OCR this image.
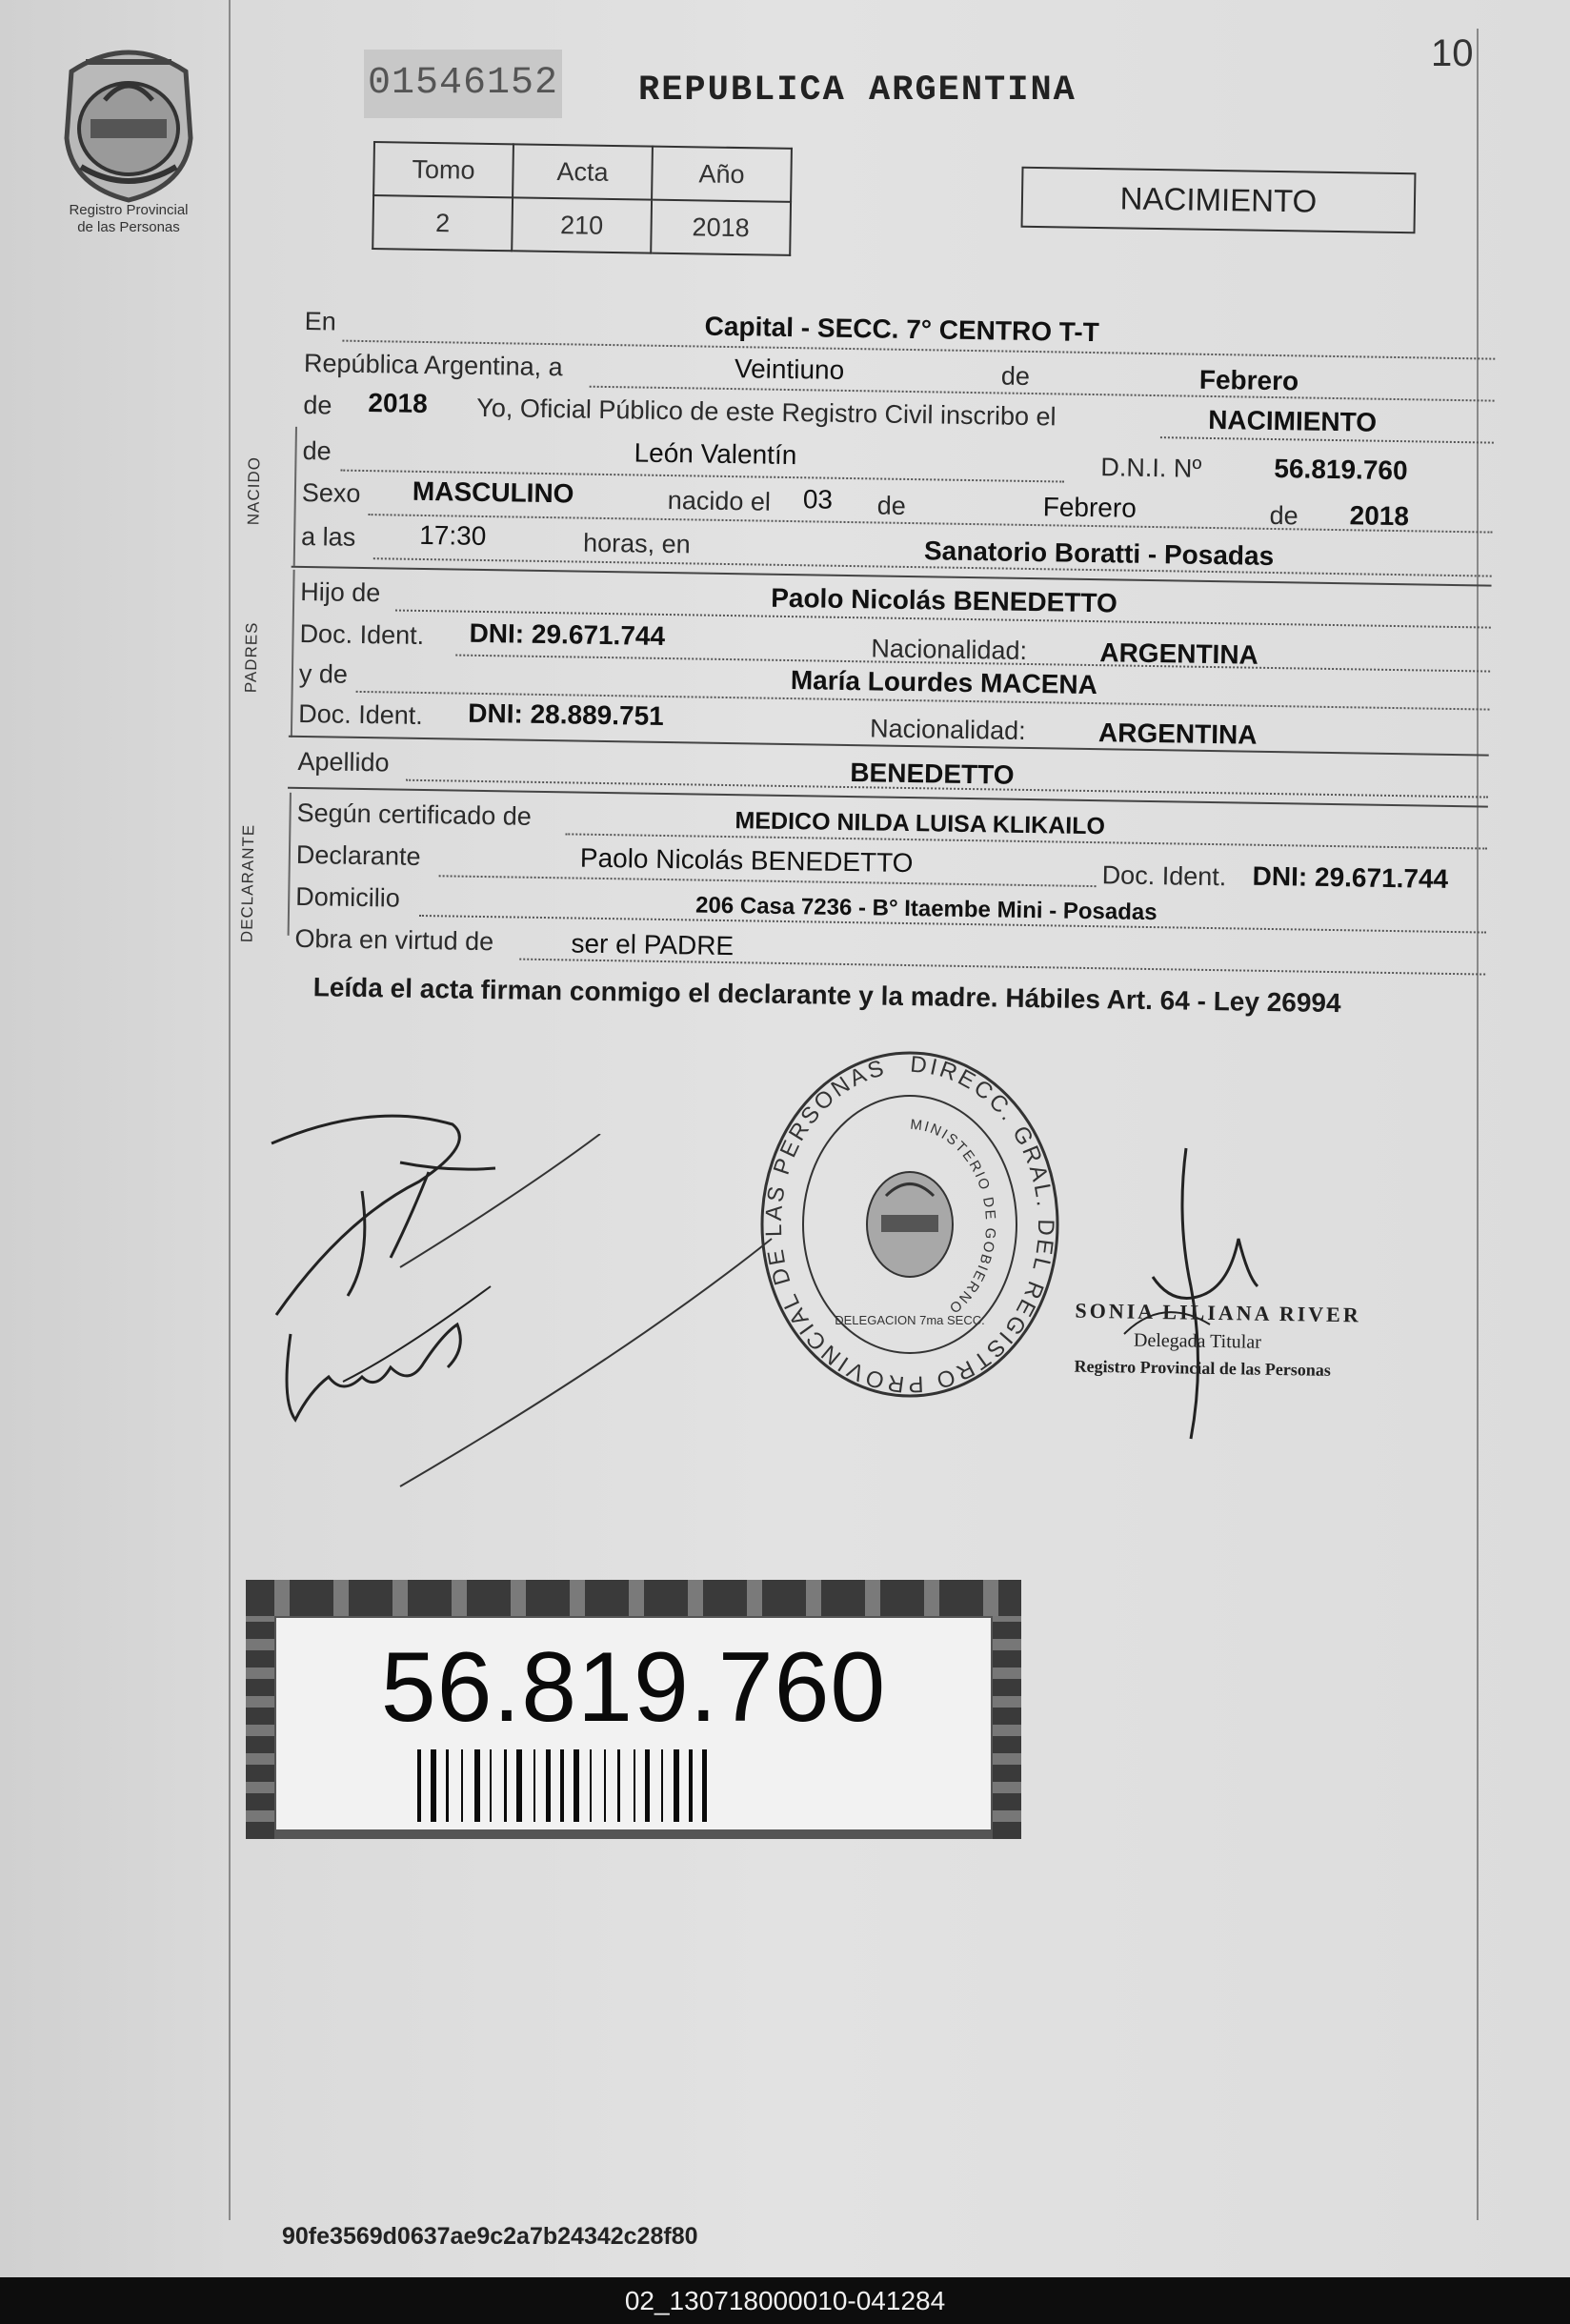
Registro Provincial
de las Personas
01546152 REPUBLICA ARGENTINA
10
Tomo	Acta	Año
2	210	2018
NACIMIENTO
En	Capital - SECC. 7° CENTRO T-T
República Argentina, a	Veintiuno	de	Febrero
de 2018 Yo, Oficial Público de este Registro Civil inscribo el	NACIMIENTO
NACIDO
de	León Valentín	D.N.I. Nº	56.819.760
Sexo MASCULINO	nacido el 03 de	Febrero	de 2018
a las 17:30	horas, en	Sanatorio Boratti - Posadas
PADRES
Hijo de	Paolo Nicolás BENEDETTO
Doc. Ident. DNI: 29.671.744	Nacionalidad:	ARGENTINA
y de	María Lourdes MACENA
Doc. Ident. DNI: 28.889.751	Nacionalidad:	ARGENTINA
Apellido	BENEDETTO
DECLARANTE
Según certificado de	MEDICO NILDA LUISA KLIKAILO
Declarante	Paolo Nicolás BENEDETTO	Doc. Ident. DNI: 29.671.744
Domicilio	206 Casa 7236 - B° Itaembe Mini - Posadas
Obra en virtud de	ser el PADRE
Leída el acta firman conmigo el declarante y la madre. Hábiles Art. 64 - Ley 26994
DIRECC. GRAL. DEL REGISTRO PROVINCIAL DE LAS PERSONAS
MINISTERIO DE GOBIERNO
DELEGACION 7ma SECC.	SONIA LILIANA RIVER
Delegada Titular
Registro Provincial de las Personas
56.819.760
90fe3569d0637ae9c2a7b24342c28f80
02_130718000010-041284
